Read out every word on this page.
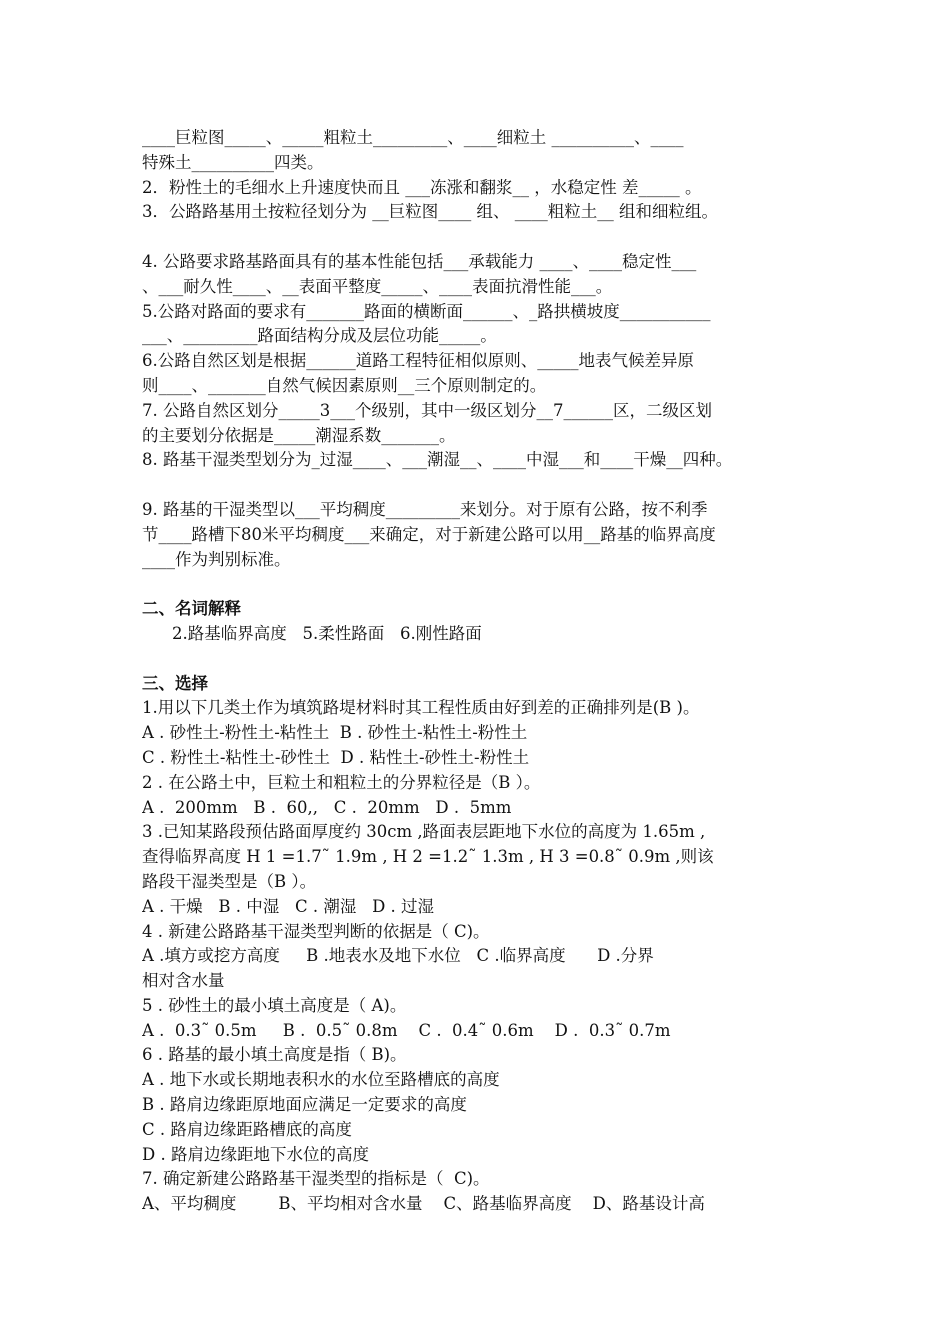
____巨粒图_____、_____粗粒土_________、____细粒土 __________、____
特殊土__________四类。
2．粉性土的毛细水上升速度快而且 ___冻涨和翻浆__ ，水稳定性 差_____ 。
3．公路路基用土按粒径划分为 __巨粒图____ 组、 ____粗粒土__ 组和细粒组。
4. 公路要求路基路面具有的基本性能包括___承载能力 ____、____稳定性___
、___耐久性____、__表面平整度_____、____表面抗滑性能___。
5.公路对路面的要求有_______路面的横断面______、_路拱横坡度___________
___、_________路面结构分成及层位功能_____。
6.公路自然区划是根据______道路工程特征相似原则、_____地表气候差异原
则____、_______自然气候因素原则__三个原则制定的。
7. 公路自然区划分_____3___个级别，其中一级区划分__7______区，二级区划
的主要划分依据是_____潮湿系数_______。
8. 路基干湿类型划分为_过湿____、___潮湿__、____中湿___和____干燥__四种。
9. 路基的干湿类型以___平均稠度_________来划分。对于原有公路，按不利季
节____路槽下80米平均稠度___来确定，对于新建公路可以用__路基的临界高度
____作为判别标准。
二、名词解释
2.路基临界高度   5.柔性路面   6.刚性路面
三、选择
1.用以下几类土作为填筑路堤材料时其工程性质由好到差的正确排列是(B )。
A . 砂性土-粉性土-粘性土  B . 砂性土-粘性土-粉性土
C . 粉性土-粘性土-砂性土  D . 粘性土-砂性土-粉性土
2 . 在公路土中，巨粒土和粗粒土的分界粒径是（B ）。
A .  200mm   B .  60,,   C .  20mm   D .  5mm
3 .已知某路段预估路面厚度约 30cm ,路面表层距地下水位的高度为 1.65m ,
查得临界高度 H 1 =1.7˜ 1.9m , H 2 =1.2˜ 1.3m , H 3 =0.8˜ 0.9m ,则该
路段干湿类型是（B ）。
A . 干燥   B . 中湿   C . 潮湿   D . 过湿
4 . 新建公路路基干湿类型判断的依据是（ C)。
A .填方或挖方高度     B .地表水及地下水位   C .临界高度      D .分界
相对含水量
5 . 砂性土的最小填土高度是（ A)。
A .  0.3˜ 0.5m     B .  0.5˜ 0.8m    C .  0.4˜ 0.6m    D .  0.3˜ 0.7m
6 . 路基的最小填土高度是指（ B)。
A . 地下水或长期地表积水的水位至路槽底的高度
B . 路肩边缘距原地面应满足一定要求的高度
C . 路肩边缘距路槽底的高度
D . 路肩边缘距地下水位的高度
7. 确定新建公路路基干湿类型的指标是（  C)。
A、平均稠度        B、平均相对含水量    C、路基临界高度    D、路基设计高
